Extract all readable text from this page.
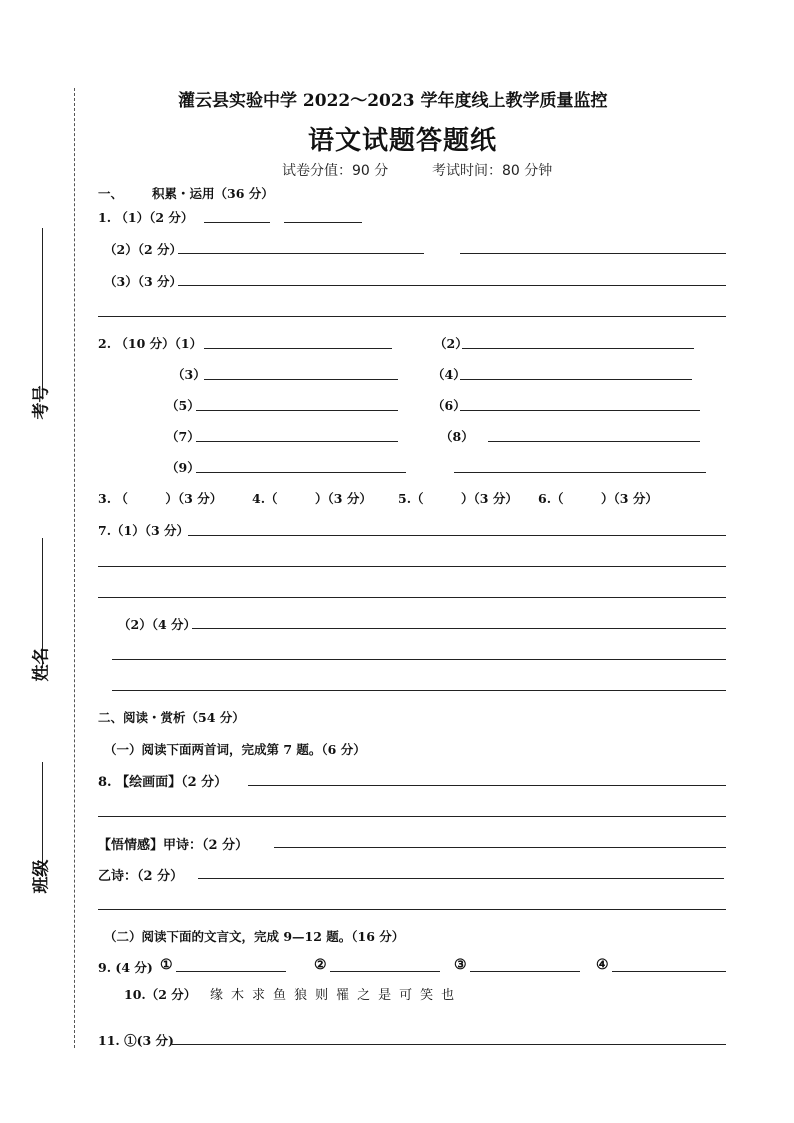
考号
姓名
班级
灌云县实验中学 2022～2023 学年度线上教学质量监控
语文试题答题纸
试卷分值：90 分	考试时间：80 分钟
一、 积累・运用（36 分）
1. （1）（2 分）
（2）（2 分）
（3）（3 分）
2. （10 分）（1）	（2）
（3）	（4）
（5）	（6）
（7）	（8）
（9）
3. （　　　）（3 分） 4.（　　　）（3 分） 5.（　　　）（3 分） 6.（　　　）（3 分）
7.（1）（3 分）
（2）（4 分）
二、阅读・赏析（54 分）
（一）阅读下面两首词，完成第 7 题。（6 分）
8. 【绘画面】（2 分）
【悟情感】甲诗：（2 分）
乙诗：（2 分）
（二）阅读下面的文言文，完成 9—12 题。（16 分）
9. (4 分) ①	②	③	④
10.（2 分） 缘 木 求 鱼 狼 则 罹 之 是 可 笑 也
11. ①(3 分)
